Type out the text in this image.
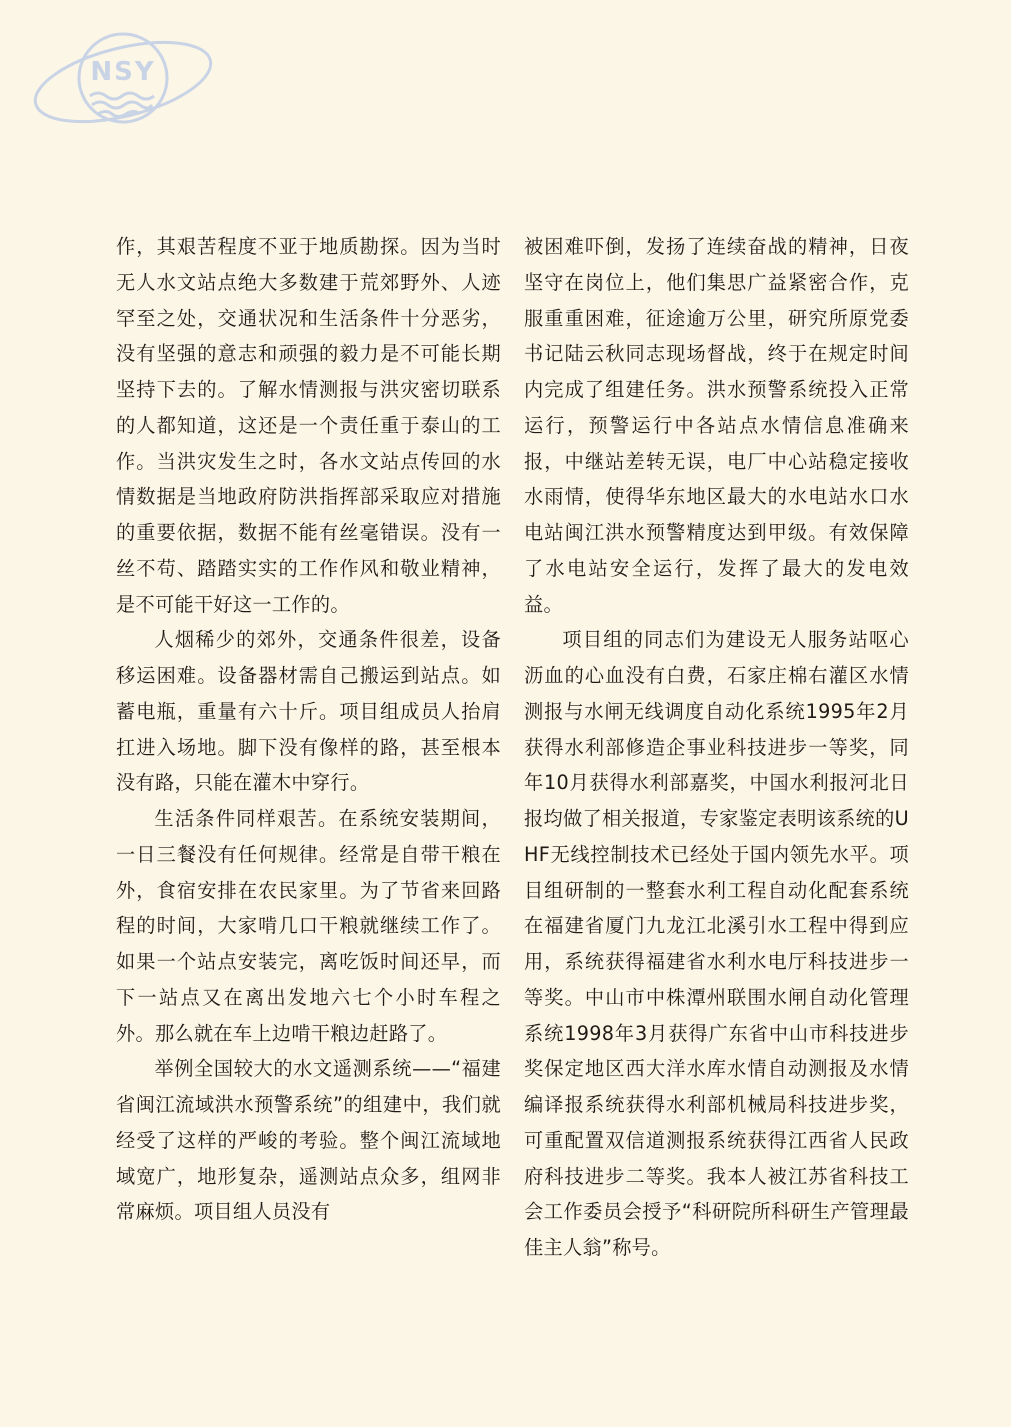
NSY

作，其艰苦程度不亚于地质勘探。因为当时无人水文站点绝大多数建于荒郊野外、人迹罕至之处，交通状况和生活条件十分恶劣，没有坚强的意志和顽强的毅力是不可能长期坚持下去的。了解水情测报与洪灾密切联系的人都知道，这还是一个责任重于泰山的工作。当洪灾发生之时，各水文站点传回的水情数据是当地政府防洪指挥部采取应对措施的重要依据，数据不能有丝毫错误。没有一丝不苟、踏踏实实的工作作风和敬业精神，是不可能干好这一工作的。

人烟稀少的郊外，交通条件很差，设备移运困难。设备器材需自己搬运到站点。如蓄电瓶，重量有六十斤。项目组成员人抬肩扛进入场地。脚下没有像样的路，甚至根本没有路，只能在灌木中穿行。

生活条件同样艰苦。在系统安装期间，一日三餐没有任何规律。经常是自带干粮在外，食宿安排在农民家里。为了节省来回路程的时间，大家啃几口干粮就继续工作了。如果一个站点安装完，离吃饭时间还早，而下一站点又在离出发地六七个小时车程之外。那么就在车上边啃干粮边赶路了。

举例全国较大的水文遥测系统——“福建省闽江流域洪水预警系统”的组建中，我们就经受了这样的严峻的考验。整个闽江流域地域宽广，地形复杂，遥测站点众多，组网非常麻烦。项目组人员没有

被困难吓倒，发扬了连续奋战的精神，日夜坚守在岗位上，他们集思广益紧密合作，克服重重困难，征途逾万公里，研究所原党委书记陆云秋同志现场督战，终于在规定时间内完成了组建任务。洪水预警系统投入正常运行，预警运行中各站点水情信息准确来报，中继站差转无误，电厂中心站稳定接收水雨情，使得华东地区最大的水电站水口水电站闽江洪水预警精度达到甲级。有效保障了水电站安全运行，发挥了最大的发电效益。

项目组的同志们为建设无人服务站呕心沥血的心血没有白费，石家庄棉右灌区水情测报与水闸无线调度自动化系统1995年2月获得水利部修造企事业科技进步一等奖，同年10月获得水利部嘉奖，中国水利报河北日报均做了相关报道，专家鉴定表明该系统的UHF无线控制技术已经处于国内领先水平。项目组研制的一整套水利工程自动化配套系统在福建省厦门九龙江北溪引水工程中得到应用，系统获得福建省水利水电厅科技进步一等奖。中山市中株潭州联围水闸自动化管理系统1998年3月获得广东省中山市科技进步奖保定地区西大洋水库水情自动测报及水情编译报系统获得水利部机械局科技进步奖，可重配置双信道测报系统获得江西省人民政府科技进步二等奖。我本人被江苏省科技工会工作委员会授予“科研院所科研生产管理最佳主人翁”称号。
